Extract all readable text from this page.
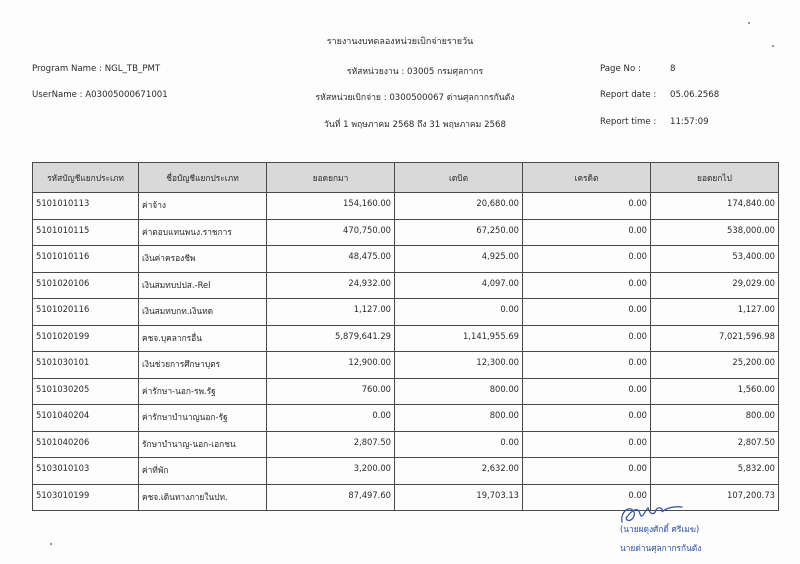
รายงานงบทดลองหน่วยเบิกจ่ายรายวัน
Program Name : NGL_TB_PMT
UserName : A03005000671001
รหัสหน่วยงาน : 03005 กรมศุลกากร
รหัสหน่วยเบิกจ่าย : 0300500067 ด่านศุลกากรกันตัง
วันที่ 1 พฤษภาคม 2568 ถึง 31 พฤษภาคม 2568
Page No :	8
Report date : 05.06.2568
Report time : 11:57:09
รหัสบัญชีแยกประเภท	ชื่อบัญชีแยกประเภท	ยอดยกมา	เดบิต	เครดิต	ยอดยกไป
5101010113	ค่าจ้าง	154,160.00	20,680.00	0.00	174,840.00
5101010115	ค่าตอบแทนพนง.ราชการ	470,750.00	67,250.00	0.00	538,000.00
5101010116	เงินค่าครองชีพ	48,475.00	4,925.00	0.00	53,400.00
5101020106	เงินสมทบปปส.-Rel	24,932.00	4,097.00	0.00	29,029.00
5101020116	เงินสมทบกท.เงินทด	1,127.00	0.00	0.00	1,127.00
5101020199	คชจ.บุคลากรอื่น	5,879,641.29	1,141,955.69	0.00	7,021,596.98
5101030101	เงินช่วยการศึกษาบุตร	12,900.00	12,300.00	0.00	25,200.00
5101030205	ค่ารักษา-นอก-รพ.รัฐ	760.00	800.00	0.00	1,560.00
5101040204	ค่ารักษาบำนาญนอก-รัฐ	0.00	800.00	0.00	800.00
5101040206	รักษาบำนาญ-นอก-เอกชน	2,807.50	0.00	0.00	2,807.50
5103010103	ค่าที่พัก	3,200.00	2,632.00	0.00	5,832.00
5103010199	คชจ.เดินทางภายในปท.	87,497.60	19,703.13	0.00	107,200.73
(นายผดุงศักดิ์ ศรีเมฆ)
นายด่านศุลกากรกันตัง
